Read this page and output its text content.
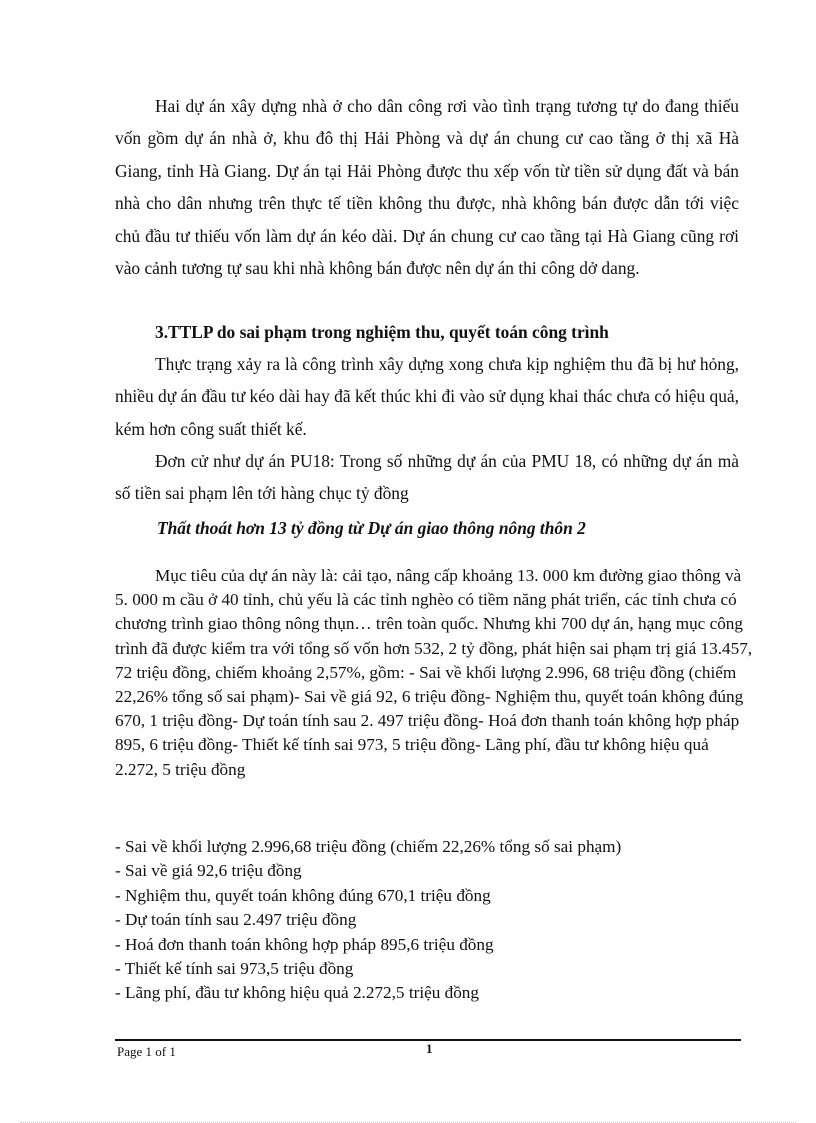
Hai dự án xây dựng nhà ở cho dân công rơi vào tình trạng tương tự do đang thiếu vốn gồm dự án nhà ở, khu đô thị Hải Phòng và dự án chung cư cao tầng ở thị xã Hà Giang, tỉnh Hà Giang. Dự án tại Hải Phòng được thu xếp vốn từ tiền sử dụng đất và bán nhà cho dân nhưng trên thực tế tiền không thu được, nhà không bán được dẫn tới việc chủ đầu tư thiếu vốn làm dự án kéo dài. Dự án chung cư cao tầng tại Hà Giang cũng rơi vào cảnh tương tự sau khi nhà không bán được nên dự án thi công dở dang.

3.TTLP do sai phạm trong nghiệm thu, quyết toán công trình

Thực trạng xảy ra là công trình xây dựng xong chưa kịp nghiệm thu đã bị hư hỏng, nhiều dự án đầu tư kéo dài hay đã kết thúc khi đi vào sử dụng khai thác chưa có hiệu quả, kém hơn công suất thiết kế.

Đơn cử như dự án PU18: Trong số những dự án của PMU 18, có những dự án mà số tiền sai phạm lên tới hàng chục tỷ đồng

Thất thoát hơn 13 tỷ đồng từ Dự án giao thông nông thôn 2

Mục tiêu của dự án này là: cải tạo, nâng cấp khoảng 13. 000 km đường giao thông và 5. 000 m cầu ở 40 tỉnh, chủ yếu là các tỉnh nghèo có tiềm năng phát triển, các tỉnh chưa có chương trình giao thông nông thụn… trên toàn quốc. Nhưng khi 700 dự án, hạng mục công trình đã được kiểm tra với tổng số vốn hơn 532, 2 tỷ đồng, phát hiện sai phạm trị giá 13.457, 72 triệu đồng, chiếm khoảng 2,57%, gồm: - Sai về khối lượng 2.996, 68 triệu đồng (chiếm 22,26% tổng số sai phạm)- Sai về giá 92, 6 triệu đồng- Nghiệm thu, quyết toán không đúng 670, 1 triệu đồng- Dự toán tính sau 2. 497 triệu đồng- Hoá đơn thanh toán không hợp pháp 895, 6 triệu đồng- Thiết kế tính sai 973, 5 triệu đồng- Lãng phí, đầu tư không hiệu quả 2.272, 5 triệu đồng

- Sai về khối lượng 2.996,68 triệu đồng (chiếm 22,26% tổng số sai phạm)
- Sai về giá 92,6 triệu đồng
- Nghiệm thu, quyết toán không đúng 670,1 triệu đồng
- Dự toán tính sau 2.497 triệu đồng
- Hoá đơn thanh toán không hợp pháp 895,6 triệu đồng
- Thiết kế tính sai 973,5 triệu đồng
- Lãng phí, đầu tư không hiệu quả 2.272,5 triệu đồng
Page 1 of 1	1
